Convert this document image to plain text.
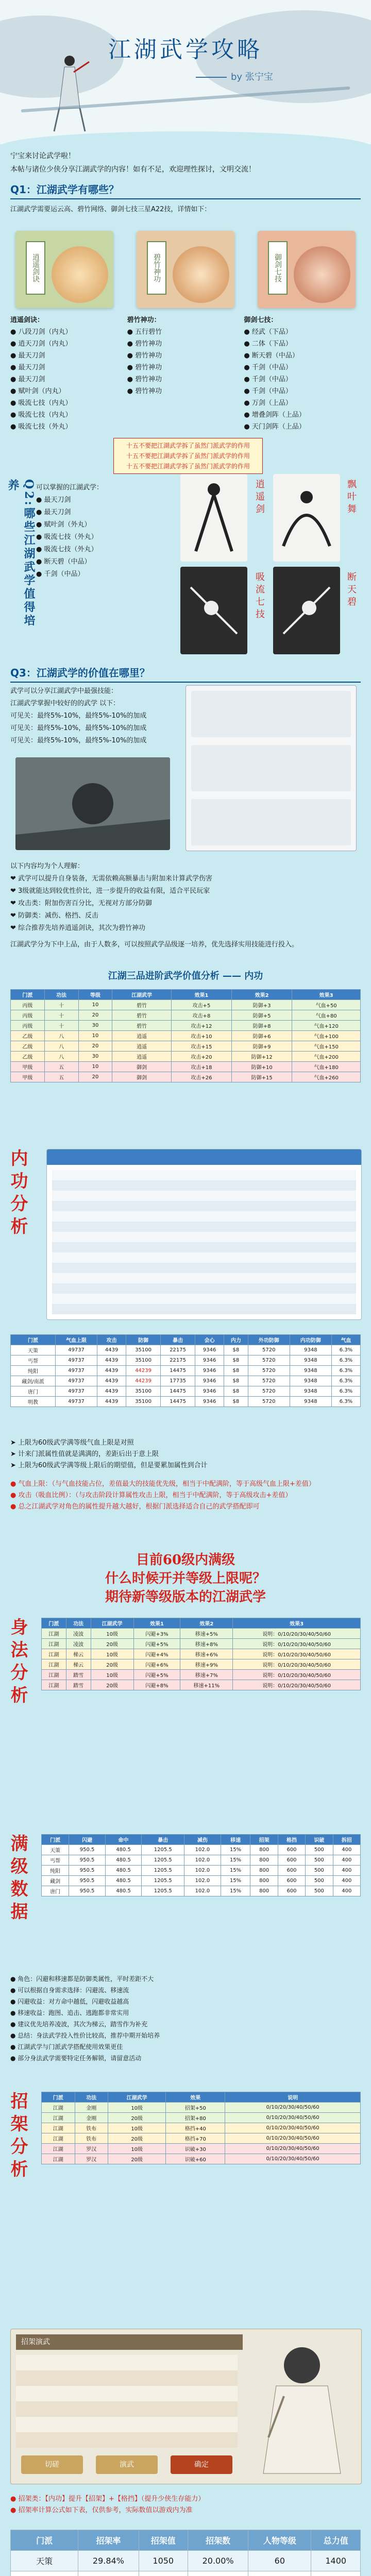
江湖武学攻略
by 张宁宝
宁宝来讨论武学啦！
本帖与诸位少侠分享江湖武学的内容！如有不足，欢迎理性探讨，文明交流！
Q1：江湖武学有哪些？
江湖武学需要运云高、碧竹网络、御剑七技三星A22技，详情如下：
逍遥剑诀	碧竹神功	御剑七技
逍遥剑诀：
● 八段刀剑（内丸）
● 逍天刀剑（内丸）
● 最天刀剑
● 最天刀剑
● 最天刀剑
● 赋叶剑（内丸）
● 吸流七技（内丸）
● 吸流七技（内丸）
● 吸流七技（外丸）
碧竹神功：
● 五行碧竹
● 碧竹神功
● 碧竹神功
● 碧竹神功
● 碧竹神功
● 碧竹神功
御剑七技：
● 经武（下品）
● 二体（下品）
● 断天碧（中品）
● 千剑（中品）
● 千剑（中品）
● 千剑（中品）
● 万剑（上品）
● 增叠剑阵（上品）
● 天门剑阵（上品）
十五不要把江湖武学拆了虽然门派武学的作用
十五不要把江湖武学拆了虽然门派武学的作用
十五不要把江湖武学拆了虽然门派武学的作用
Q2:哪些江湖武学值得培养	可以掌握的江湖武学：
● 最天刀剑
● 最天刀剑
● 赋叶剑（外丸）
● 吸流七技（外丸）
● 吸流七技（外丸）
● 断天碧（中品）
● 千剑（中品）
逍遥剑	飘叶舞
吸流七技	断天碧
Q3：江湖武学的价值在哪里？
武学可以分享江湖武学中最强技能：
江湖武学掌握中较好的的武学 以下：
可见关：最终5%-10%，最终5%-10%的加成
可见关：最终5%-10%，最终5%-10%的加成
可见关：最终5%-10%，最终5%-10%的加成
以下内容均为个人理解：
❤ 武学可以提升自身装备，无需依赖高额暴击与附加来计算武学伤害
❤ 3级就能达到较优性价比，进一步提升的收益有限，适合平民玩家
❤ 攻击类：附加伤害百分比，无视对方部分防御
❤ 防御类：减伤、格挡、反击
❤ 综合推荐先培养逍遥剑诀，其次为碧竹神功
江湖武学分为下中上品，由于人数多，可以按照武学品级逐一培养，优先选择实用技能进行投入。
江湖三品进阶武学价值分析 —— 内功
门派	功法	等级	江湖武学	效果1	效果2	效果3
丙级	十	10	碧竹	攻击+5	防御+3	气血+50
丙级	十	20	碧竹	攻击+8	防御+5	气血+80
丙级	十	30	碧竹	攻击+12	防御+8	气血+120
乙级	八	10	逍遥	攻击+10	防御+6	气血+100
乙级	八	20	逍遥	攻击+15	防御+9	气血+150
乙级	八	30	逍遥	攻击+20	防御+12	气血+200
甲级	五	10	御剑	攻击+18	防御+10	气血+180
甲级	五	20	御剑	攻击+26	防御+15	气血+260
内功分析
门派	气血上限	攻击	防御	暴击	会心	内力	外功防御	内功防御	气血
天策	49737	4439	35100	22175	9346	$8	5720	9348	6.3%
丐帮	49737	4439	35100	22175	9346	$8	5720	9348	6.3%
纯阳	49737	4439	44239	14475	9346	$8	5720	9348	6.3%
藏剑/南派	49737	4439	44239	17735	9346	$8	5720	9348	6.3%
唐门	49737	4439	35100	14475	9346	$8	5720	9348	6.3%
明教	49737	4439	35100	14475	9346	$8	5720	9348	6.3%
➤ 上限为60级武学满等级气血上限是对照
➤ 计来门派属性值就是满满的，差距后出于意上限
➤ 上限为60级武学满等级上限后的期望值，但是要累加属性到合计
● 气血上限：（与气血技能占位，差值最大的技能优先级，相当于中配满阶，等于高级气血上限+差值）
● 攻击（吸血比例）：（与攻击阶段计算属性攻击上限，相当于中配满阶，等于高级攻击+差值）
● 总之江湖武学对角色的属性提升越大越好，根据门派选择适合自己的武学搭配即可
目前60级内满级
什么时候开并等级上限呢？
期待新等级版本的江湖武学
身法分析	门派	功法	江湖武学	效果1	效果2	效果3
江湖	凌波	10级	闪避+3%	移速+5%	说明：0/10/20/30/40/50/60
江湖	凌波	20级	闪避+5%	移速+8%	说明：0/10/20/30/40/50/60
江湖	梯云	10级	闪避+4%	移速+6%	说明：0/10/20/30/40/50/60
江湖	梯云	20级	闪避+6%	移速+9%	说明：0/10/20/30/40/50/60
江湖	踏雪	10级	闪避+5%	移速+7%	说明：0/10/20/30/40/50/60
江湖	踏雪	20级	闪避+8%	移速+11%	说明：0/10/20/30/40/50/60
满级数据	门派	闪避	命中	暴击	减伤	移速	招架	格挡	识破	拆招
天策	950.5	480.5	1205.5	102.0	15%	800	600	500	400
丐帮	950.5	480.5	1205.5	102.0	15%	800	600	500	400
纯阳	950.5	480.5	1205.5	102.0	15%	800	600	500	400
藏剑	950.5	480.5	1205.5	102.0	15%	800	600	500	400
唐门	950.5	480.5	1205.5	102.0	15%	800	600	500	400
● 角色：闪避和移速都是防御类属性，平时差距不大
● 可以根据自身需求选择：闪避流、移速流
● 闪避收益：对方命中越低，闪避收益越高
● 移速收益：跑图、追击、逃跑都非常实用
● 建议优先培养凌波，其次为梯云，踏雪作为补充
● 总结：身法武学投入性价比较高，推荐中期开始培养
● 江湖武学与门派武学搭配使用效果更佳
● 部分身法武学需要特定任务解锁，请留意活动
招架分析	门派	功法	江湖武学	效果	说明
江湖	金刚	10级	招架+50	0/10/20/30/40/50/60
江湖	金刚	20级	招架+80	0/10/20/30/40/50/60
江湖	铁布	10级	格挡+40	0/10/20/30/40/50/60
江湖	铁布	20级	格挡+70	0/10/20/30/40/50/60
江湖	罗汉	10级	识破+30	0/10/20/30/40/50/60
江湖	罗汉	20级	识破+60	0/10/20/30/40/50/60
招架演武
切磋	演武	确定
● 招架类：【内功】提升【招架】+【格挡】（提升少侠生存能力）
● 招架率计算公式如下表，仅供参考，实际数值以游戏内为准
门派	招架率	招架值	招架数	人物等级	总力值
天策	29.84%	1050	20.00%	60	1400
